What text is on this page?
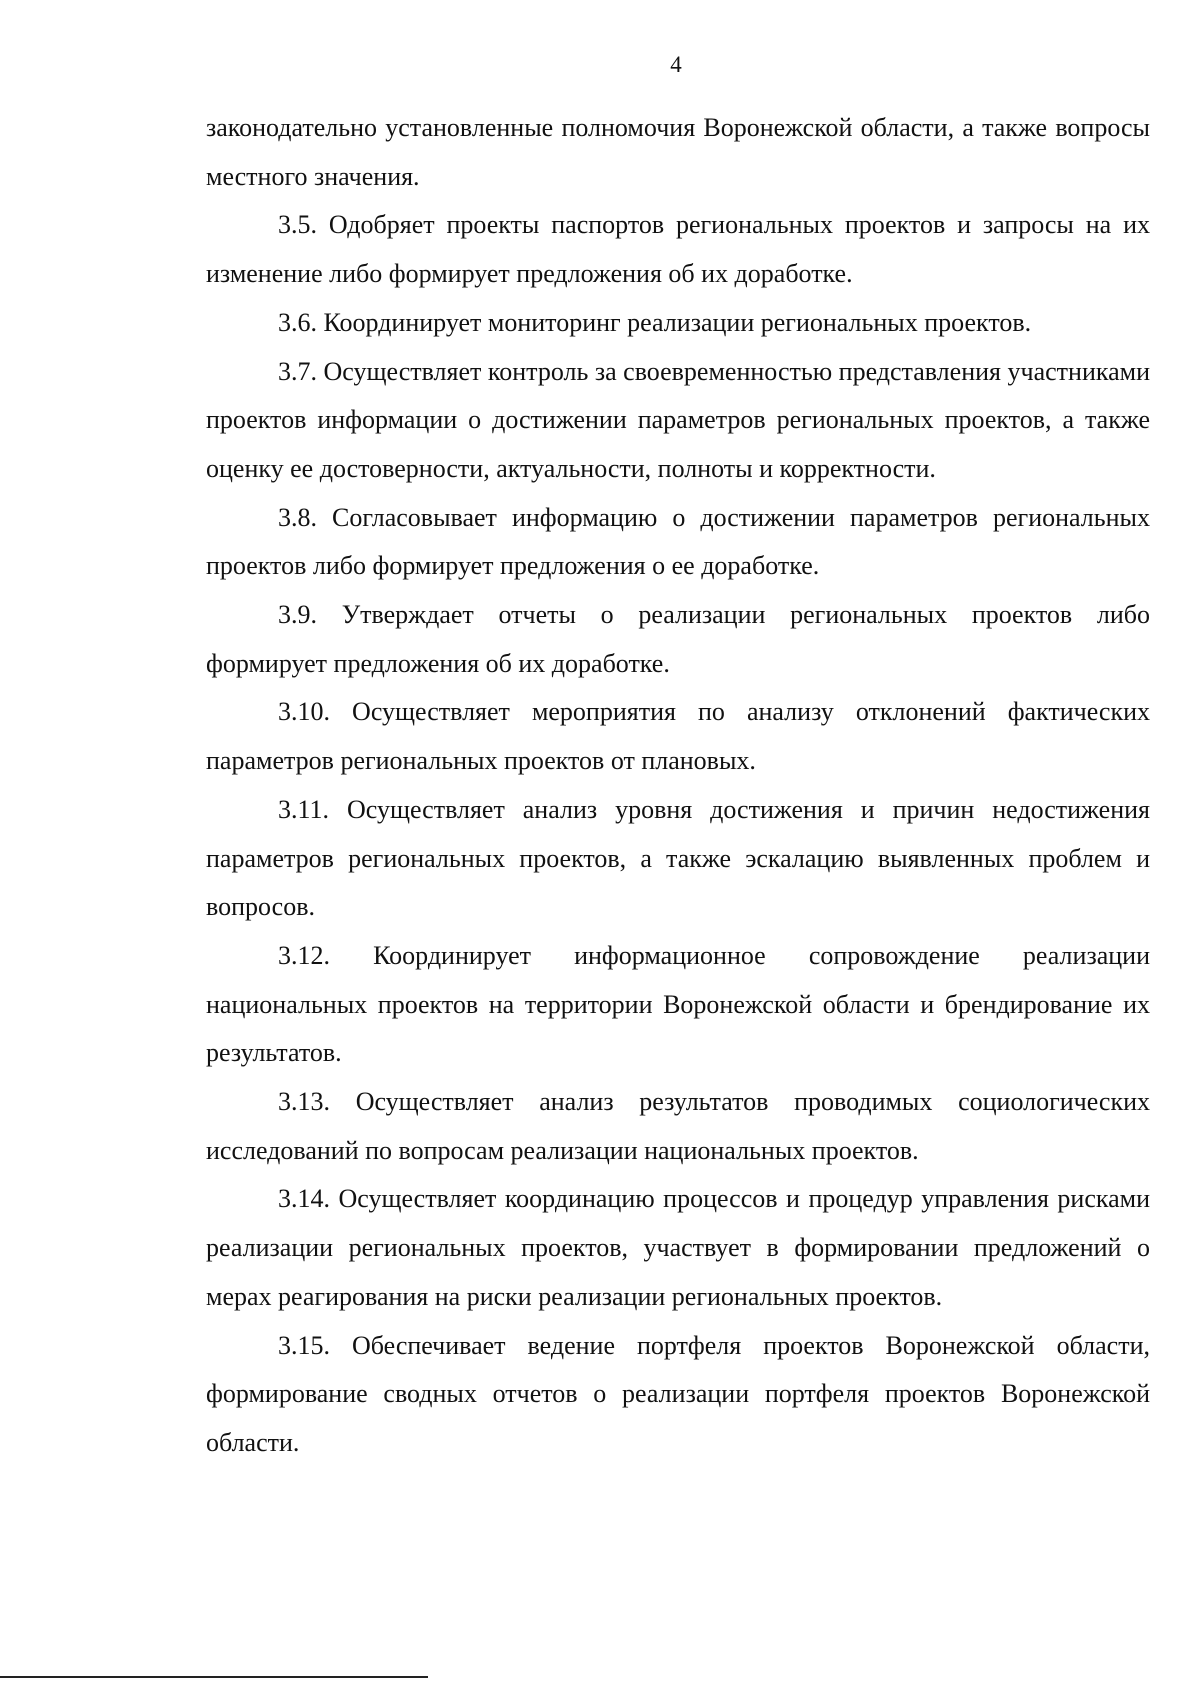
4

законодательно установленные полномочия Воронежской области, а также вопросы местного значения.

3.5. Одобряет проекты паспортов региональных проектов и запросы на их изменение либо формирует предложения об их доработке.

3.6. Координирует мониторинг реализации региональных проектов.

3.7. Осуществляет контроль за своевременностью представления участниками проектов информации о достижении параметров региональных проектов, а также оценку ее достоверности, актуальности, полноты и корректности.

3.8. Согласовывает информацию о достижении параметров региональных проектов либо формирует предложения о ее доработке.

3.9. Утверждает отчеты о реализации региональных проектов либо формирует предложения об их доработке.

3.10. Осуществляет мероприятия по анализу отклонений фактических параметров региональных проектов от плановых.

3.11. Осуществляет анализ уровня достижения и причин недостижения параметров региональных проектов, а также эскалацию выявленных проблем и вопросов.

3.12. Координирует информационное сопровождение реализации национальных проектов на территории Воронежской области и брендирование их результатов.

3.13. Осуществляет анализ результатов проводимых социологических исследований по вопросам реализации национальных проектов.

3.14. Осуществляет координацию процессов и процедур управления рисками реализации региональных проектов, участвует в формировании предложений о мерах реагирования на риски реализации региональных проектов.

3.15. Обеспечивает ведение портфеля проектов Воронежской области, формирование сводных отчетов о реализации портфеля проектов Воронежской области.
